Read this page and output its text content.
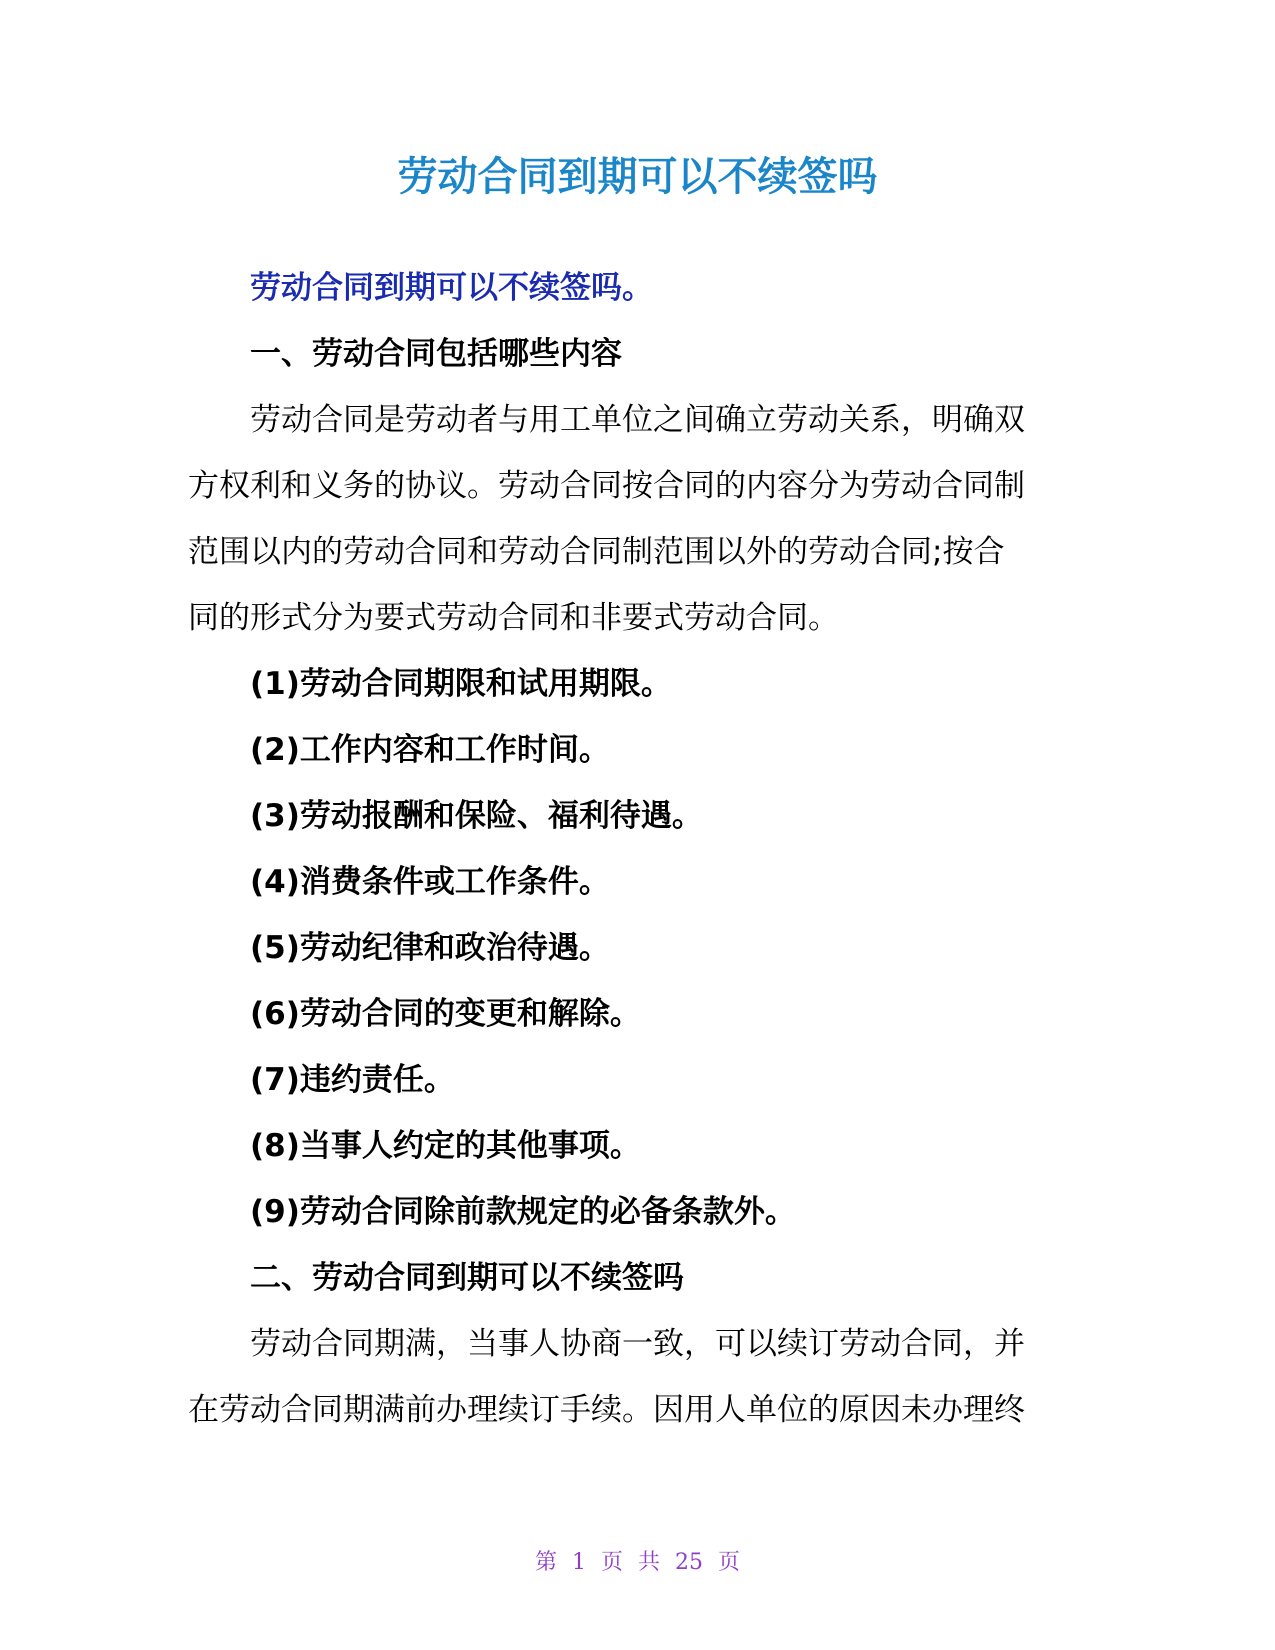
劳动合同到期可以不续签吗
劳动合同到期可以不续签吗。
一、劳动合同包括哪些内容
劳动合同是劳动者与用工单位之间确立劳动关系，明确双
方权利和义务的协议。劳动合同按合同的内容分为劳动合同制
范围以内的劳动合同和劳动合同制范围以外的劳动合同;按合
同的形式分为要式劳动合同和非要式劳动合同。
(1)劳动合同期限和试用期限。
(2)工作内容和工作时间。
(3)劳动报酬和保险、福利待遇。
(4)消费条件或工作条件。
(5)劳动纪律和政治待遇。
(6)劳动合同的变更和解除。
(7)违约责任。
(8)当事人约定的其他事项。
(9)劳动合同除前款规定的必备条款外。
二、劳动合同到期可以不续签吗
劳动合同期满，当事人协商一致，可以续订劳动合同，并
在劳动合同期满前办理续订手续。因用人单位的原因未办理终
第 1 页 共 25 页
